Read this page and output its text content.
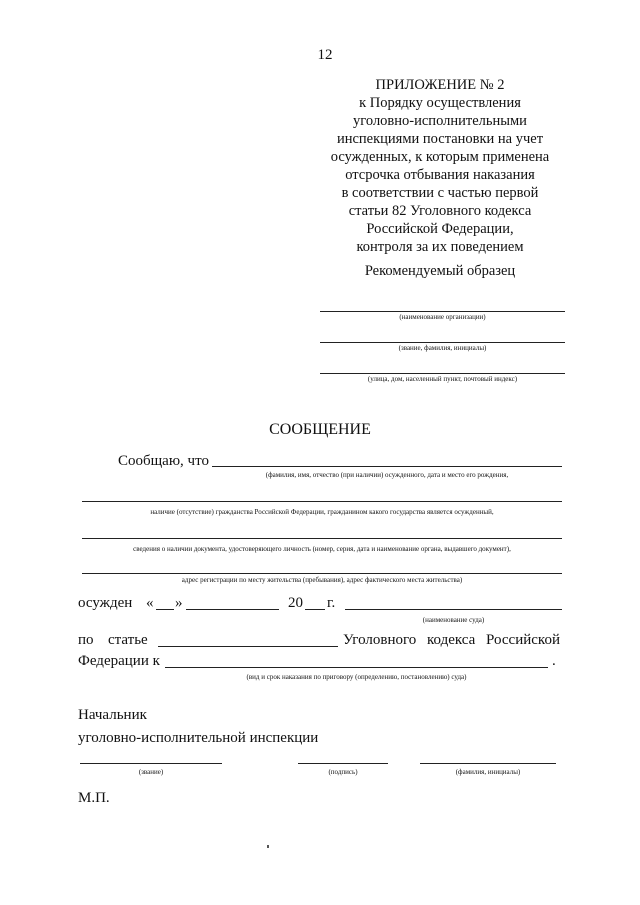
12
ПРИЛОЖЕНИЕ № 2
к Порядку осуществления
уголовно-исполнительными
инспекциями постановки на учет
осужденных, к которым применена
отсрочка отбывания наказания
в соответствии с частью первой
статьи 82 Уголовного кодекса
Российской Федерации,
контроля за их поведением
Рекомендуемый образец
(наименование организации)
(звание, фамилия, инициалы)
(улица, дом, населенный пункт, почтовый индекс)
СООБЩЕНИЕ
Сообщаю, что
(фамилия, имя, отчество (при наличии) осужденного, дата и место его рождения,
наличие (отсутствие) гражданства Российской Федерации, гражданином какого государства является осужденный,
сведения о наличии документа, удостоверяющего личность (номер, серия, дата и наименование органа, выдавшего документ),
адрес регистрации по месту жительства (пребывания), адрес фактического места жительства)
осужден « »	20 г.
(наименование суда)
по статье	Уголовного кодекса Российской
Федерации к	.
(вид и срок наказания по приговору (определению, постановлению) суда)
Начальник
уголовно-исполнительной инспекции
(звание)	(подпись)	(фамилия, инициалы)
М.П.
